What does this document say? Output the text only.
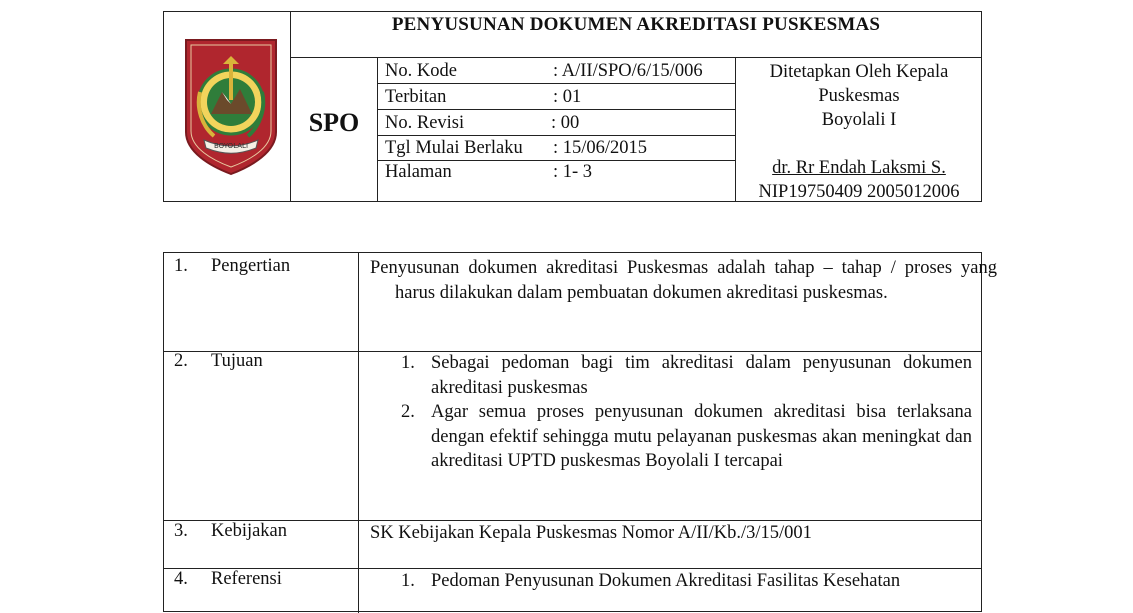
BOYOLALI
PENYUSUNAN DOKUMEN AKREDITASI PUSKESMAS
SPO
No. Kode	: A/II/SPO/6/15/006
Terbitan	: 01
No. Revisi	: 00
Tgl Mulai Berlaku : 15/06/2015
Halaman	: 1- 3
Ditetapkan Oleh Kepala
Puskesmas
Boyolali I
dr. Rr Endah Laksmi S.
NIP19750409 2005012006
1. Pengertian	Penyusunan dokumen akreditasi Puskesmas adalah tahap – tahap / proses yang harus dilakukan dalam pembuatan dokumen akreditasi puskesmas.
2. Tujuan	1. Sebagai pedoman bagi tim akreditasi dalam penyusunan dokumen akreditasi puskesmas
2. Agar semua proses penyusunan dokumen akreditasi bisa terlaksana dengan efektif sehingga mutu pelayanan puskesmas akan meningkat dan akreditasi UPTD puskesmas Boyolali I tercapai
3. Kebijakan	SK Kebijakan Kepala Puskesmas Nomor A/II/Kb./3/15/001
4. Referensi	1. Pedoman Penyusunan Dokumen Akreditasi Fasilitas Kesehatan
